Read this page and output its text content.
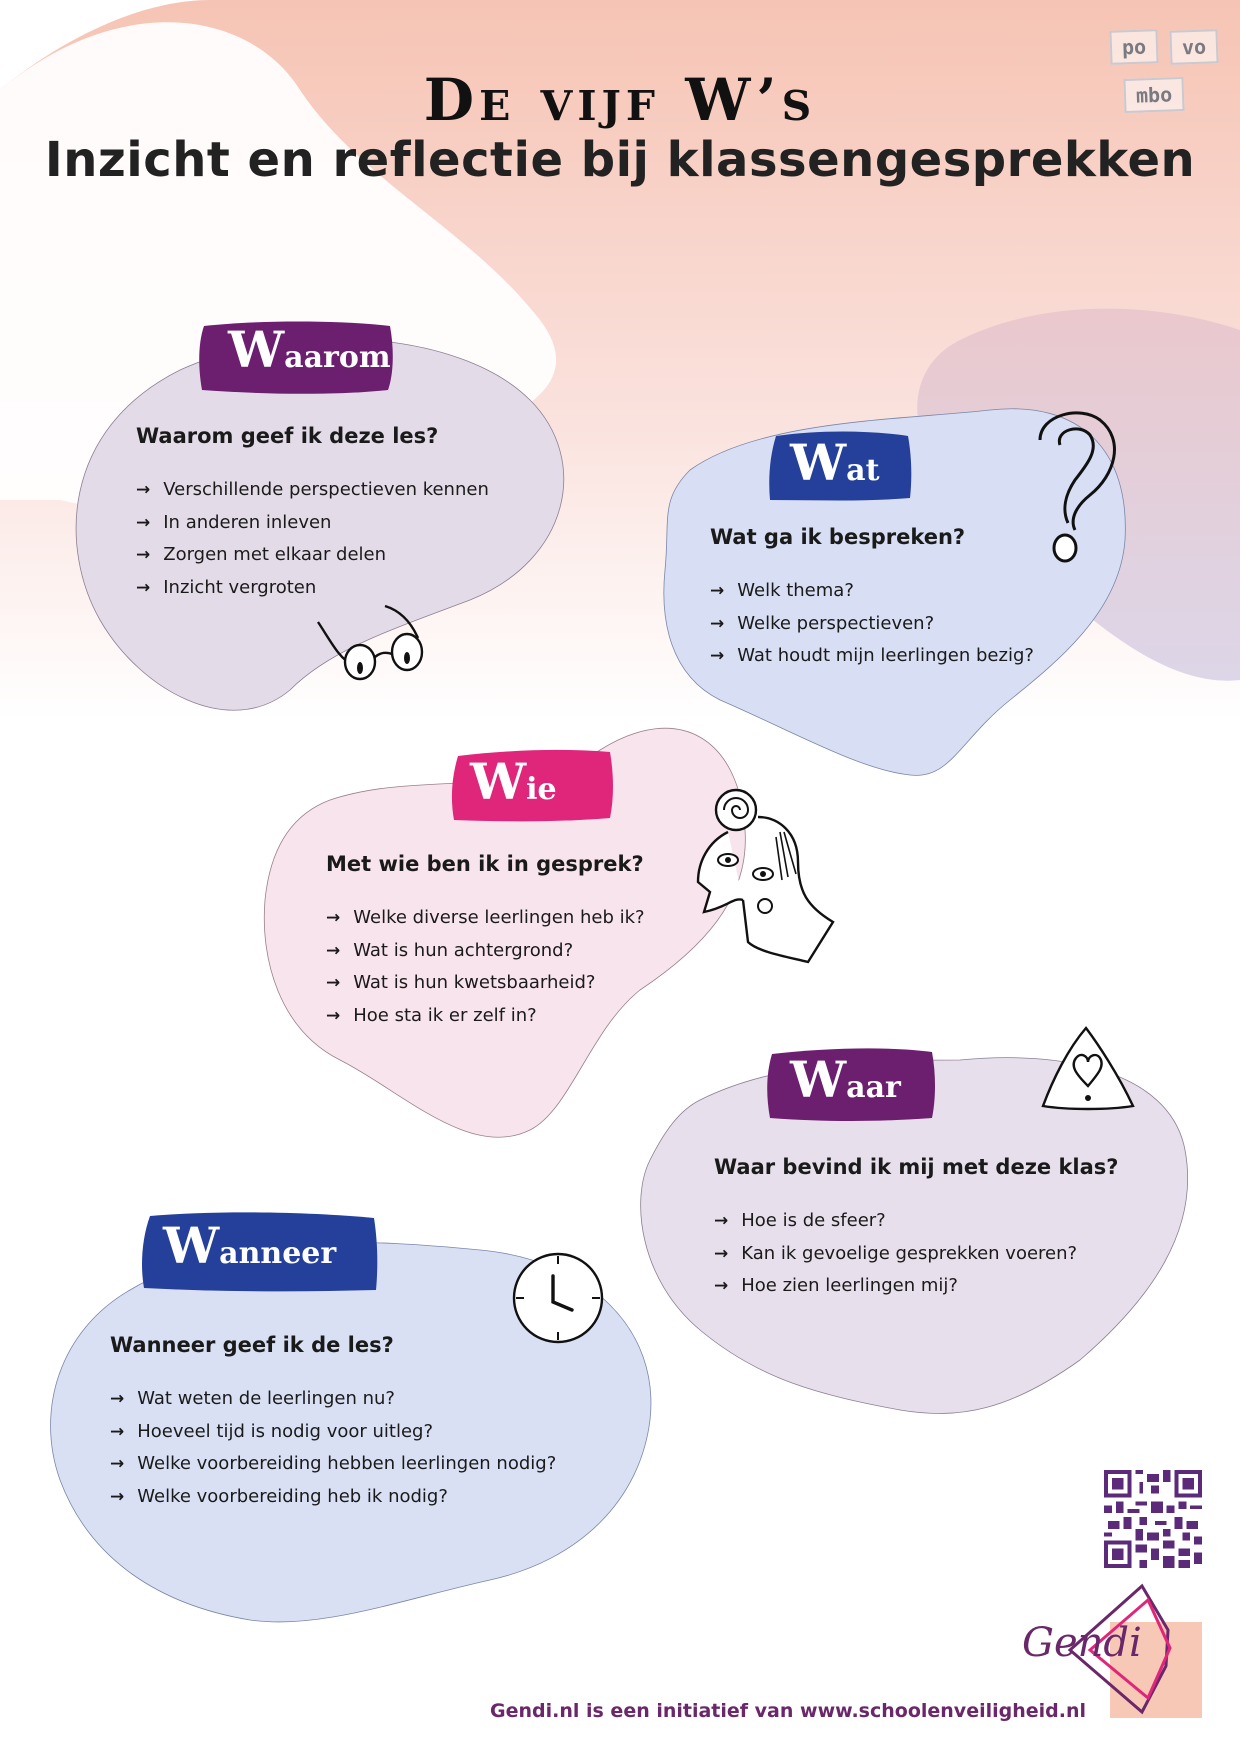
De vijf W’s
Inzicht en reflectie bij klassengesprekken
po	vo
mbo
Waarom
Wat
Wie
Waar
Wanneer
Waarom geef ik deze les?
→ Verschillende perspectieven kennen
→ In anderen inleven
→ Zorgen met elkaar delen
→ Inzicht vergroten
Wat ga ik bespreken?
→ Welk thema?
→ Welke perspectieven?
→ Wat houdt mijn leerlingen bezig?
Met wie ben ik in gesprek?
→ Welke diverse leerlingen heb ik?
→ Wat is hun achtergrond?
→ Wat is hun kwetsbaarheid?
→ Hoe sta ik er zelf in?
Waar bevind ik mij met deze klas?
→ Hoe is de sfeer?
→ Kan ik gevoelige gesprekken voeren?
→ Hoe zien leerlingen mij?
Wanneer geef ik de les?
→ Wat weten de leerlingen nu?
→ Hoeveel tijd is nodig voor uitleg?
→ Welke voorbereiding hebben leerlingen nodig?
→ Welke voorbereiding heb ik nodig?
Gendi
Gendi.nl is een initiatief van www.schoolenveiligheid.nl
